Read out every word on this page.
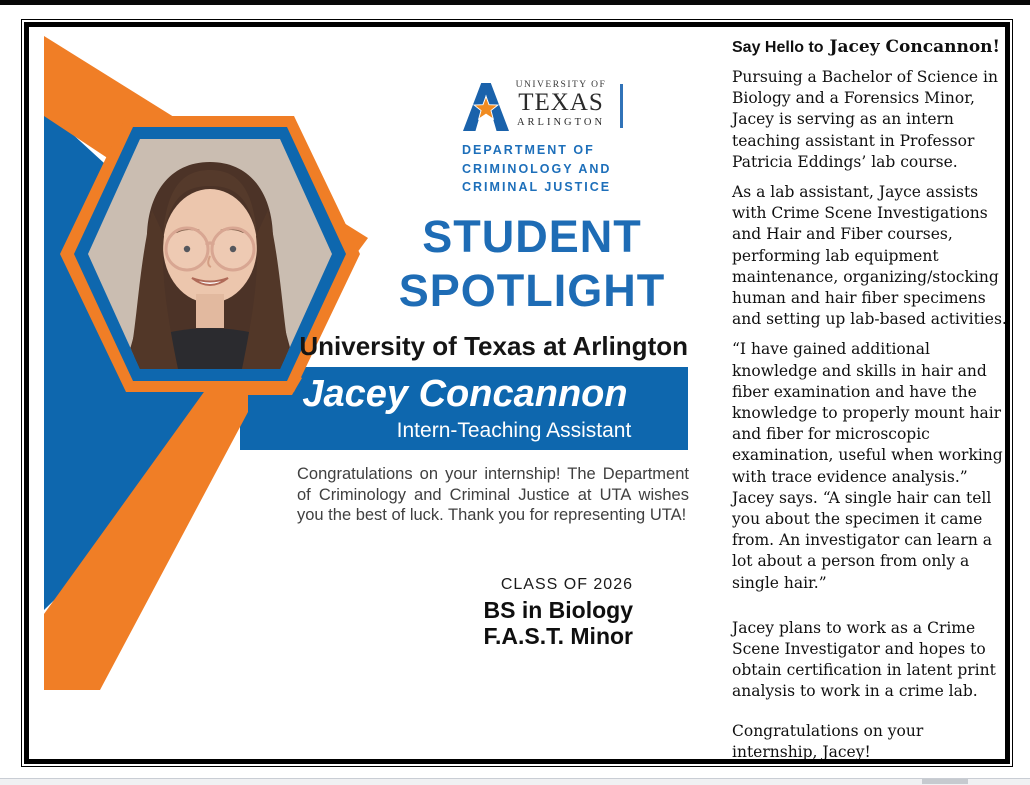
UNIVERSITY OF
TEXAS
ARLINGTON
DEPARTMENT OF
CRIMINOLOGY AND
CRIMINAL JUSTICE
STUDENT
SPOTLIGHT
University of Texas at Arlington
Jacey Concannon
Intern-Teaching Assistant
Congratulations on your internship! The Department of Criminology and Criminal Justice at UTA wishes you the best of luck. Thank you for representing UTA!
CLASS OF 2026
BS in Biology
F.A.S.T. Minor
Say Hello to Jacey Concannon!

Pursuing a Bachelor of Science in Biology and a Forensics Minor, Jacey is serving as an intern teaching assistant in Professor Patricia Eddings’ lab course.

As a lab assistant, Jayce assists with Crime Scene Investigations and Hair and Fiber courses, performing lab equipment maintenance, organizing/stocking human and hair fiber specimens and setting up lab-based activities.

“I have gained additional knowledge and skills in hair and fiber examination and have the knowledge to properly mount hair and fiber for microscopic examination, useful when working with trace evidence analysis.” Jacey says. “A single hair can tell you about the specimen it came from. An investigator can learn a lot about a person from only a single hair.”

Jacey plans to work as a Crime Scene Investigator and hopes to obtain certification in latent print analysis to work in a crime lab.

Congratulations on your internship, Jacey!
